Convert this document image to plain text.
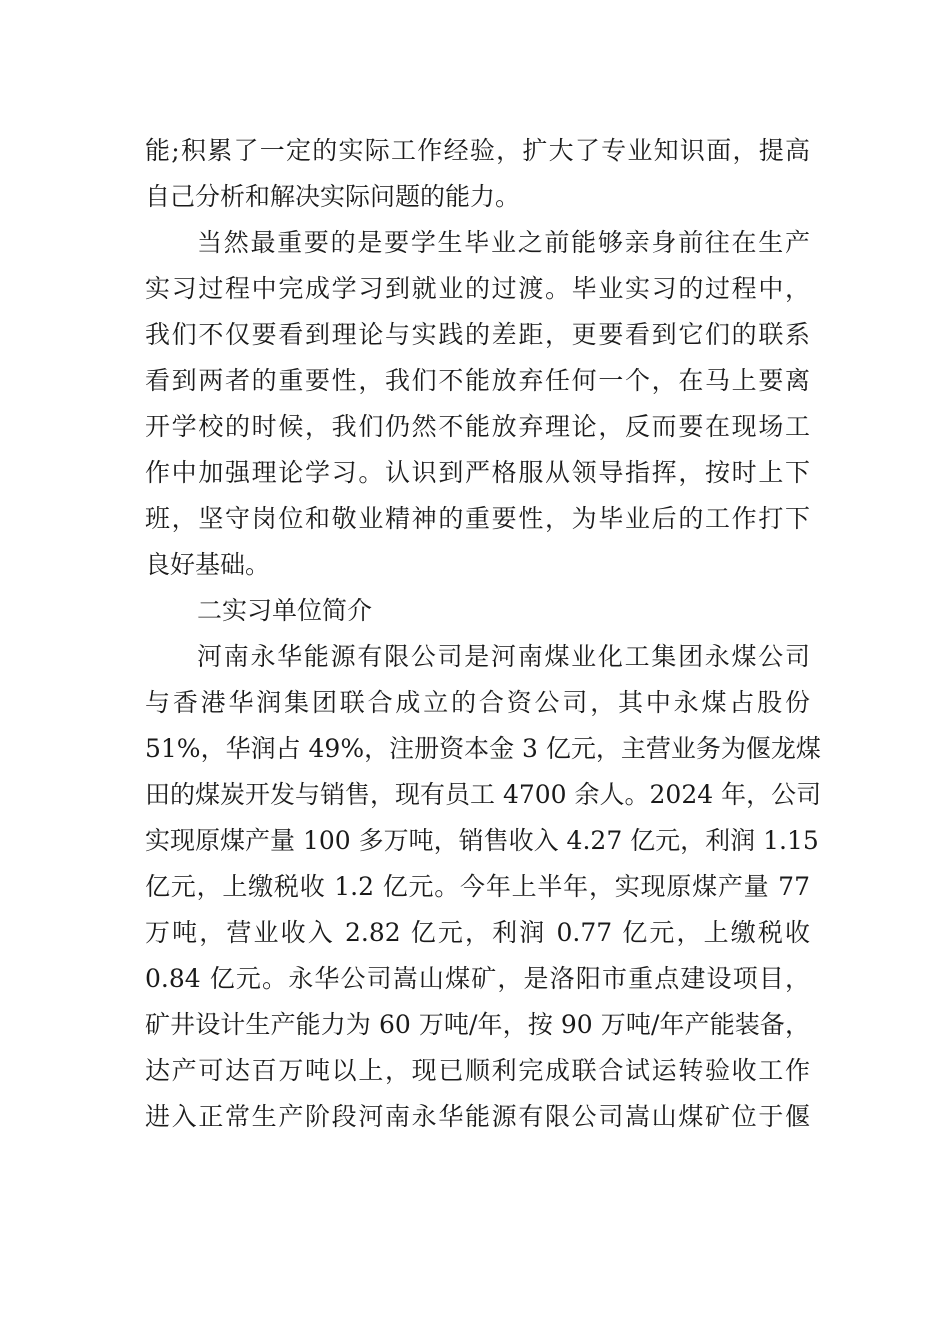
能;积累了一定的实际工作经验，扩大了专业知识面，提高
自己分析和解决实际问题的能力。
当然最重要的是要学生毕业之前能够亲身前往在生产
实习过程中完成学习到就业的过渡。毕业实习的过程中，
我们不仅要看到理论与实践的差距，更要看到它们的联系
看到两者的重要性，我们不能放弃任何一个，在马上要离
开学校的时候，我们仍然不能放弃理论，反而要在现场工
作中加强理论学习。认识到严格服从领导指挥，按时上下
班，坚守岗位和敬业精神的重要性，为毕业后的工作打下
良好基础。
二实习单位简介
河南永华能源有限公司是河南煤业化工集团永煤公司
与香港华润集团联合成立的合资公司，其中永煤占股份
51%，华润占 49%，注册资本金 3 亿元，主营业务为偃龙煤
田的煤炭开发与销售，现有员工 4700 余人。2024 年，公司
实现原煤产量 100 多万吨，销售收入 4.27 亿元，利润 1.15
亿元，上缴税收 1.2 亿元。今年上半年，实现原煤产量 77
万吨，营业收入 2.82 亿元，利润 0.77 亿元，上缴税收
0.84 亿元。永华公司嵩山煤矿，是洛阳市重点建设项目，
矿井设计生产能力为 60 万吨/年，按 90 万吨/年产能装备，
达产可达百万吨以上，现已顺利完成联合试运转验收工作
进入正常生产阶段河南永华能源有限公司嵩山煤矿位于偃
